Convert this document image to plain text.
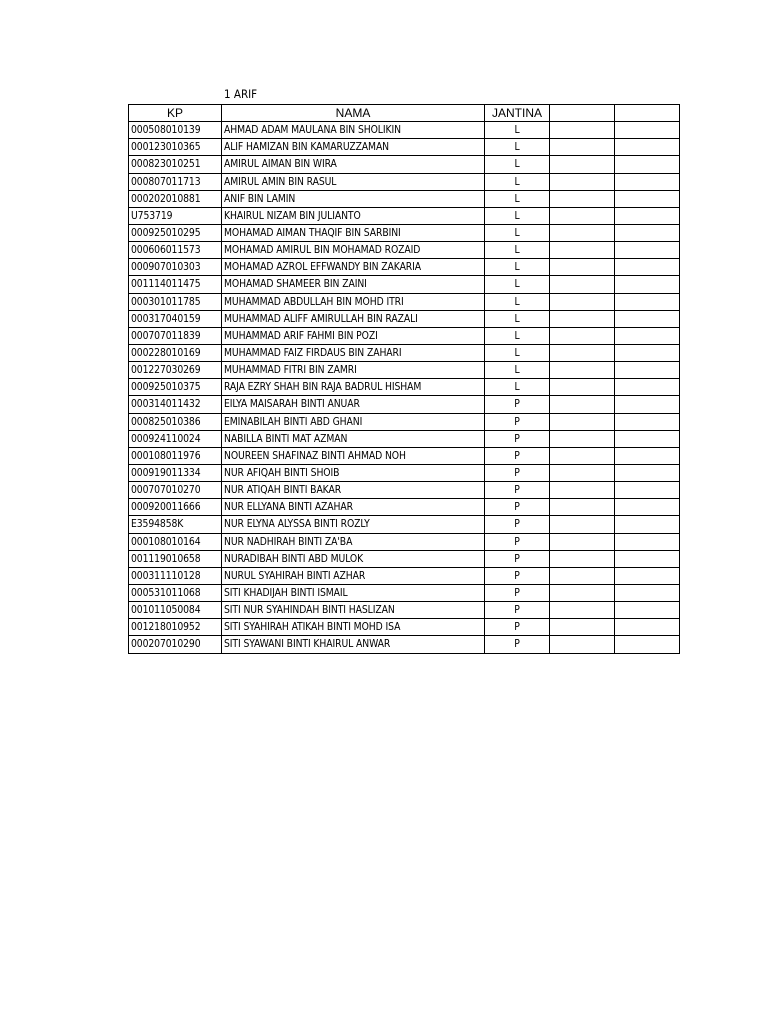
1 ARIF
KP	NAMA	JANTINA		
000508010139	AHMAD ADAM MAULANA BIN SHOLIKIN	L		
000123010365	ALIF HAMIZAN BIN KAMARUZZAMAN	L		
000823010251	AMIRUL AIMAN BIN WIRA	L		
000807011713	AMIRUL AMIN BIN RASUL	L		
000202010881	ANIF BIN LAMIN	L		
U753719	KHAIRUL NIZAM BIN JULIANTO	L		
000925010295	MOHAMAD AIMAN THAQIF BIN SARBINI	L		
000606011573	MOHAMAD AMIRUL BIN MOHAMAD ROZAID	L		
000907010303	MOHAMAD AZROL EFFWANDY BIN ZAKARIA	L		
001114011475	MOHAMAD SHAMEER BIN ZAINI	L		
000301011785	MUHAMMAD ABDULLAH BIN MOHD ITRI	L		
000317040159	MUHAMMAD ALIFF AMIRULLAH BIN RAZALI	L		
000707011839	MUHAMMAD ARIF FAHMI BIN POZI	L		
000228010169	MUHAMMAD FAIZ FIRDAUS BIN ZAHARI	L		
001227030269	MUHAMMAD FITRI BIN ZAMRI	L		
000925010375	RAJA EZRY SHAH BIN RAJA BADRUL HISHAM	L		
000314011432	EILYA MAISARAH BINTI ANUAR	P		
000825010386	EMINABILAH BINTI ABD GHANI	P		
000924110024	NABILLA BINTI MAT AZMAN	P		
000108011976	NOUREEN SHAFINAZ BINTI AHMAD NOH	P		
000919011334	NUR AFIQAH BINTI SHOIB	P		
000707010270	NUR ATIQAH BINTI BAKAR	P		
000920011666	NUR ELLYANA BINTI AZAHAR	P		
E3594858K	NUR ELYNA ALYSSA BINTI ROZLY	P		
000108010164	NUR NADHIRAH BINTI ZA'BA	P		
001119010658	NURADIBAH BINTI ABD MULOK	P		
000311110128	NURUL SYAHIRAH BINTI AZHAR	P		
000531011068	SITI KHADIJAH BINTI ISMAIL	P		
001011050084	SITI NUR SYAHINDAH BINTI HASLIZAN	P		
001218010952	SITI SYAHIRAH ATIKAH BINTI MOHD ISA	P		
000207010290	SITI SYAWANI BINTI KHAIRUL ANWAR	P		
